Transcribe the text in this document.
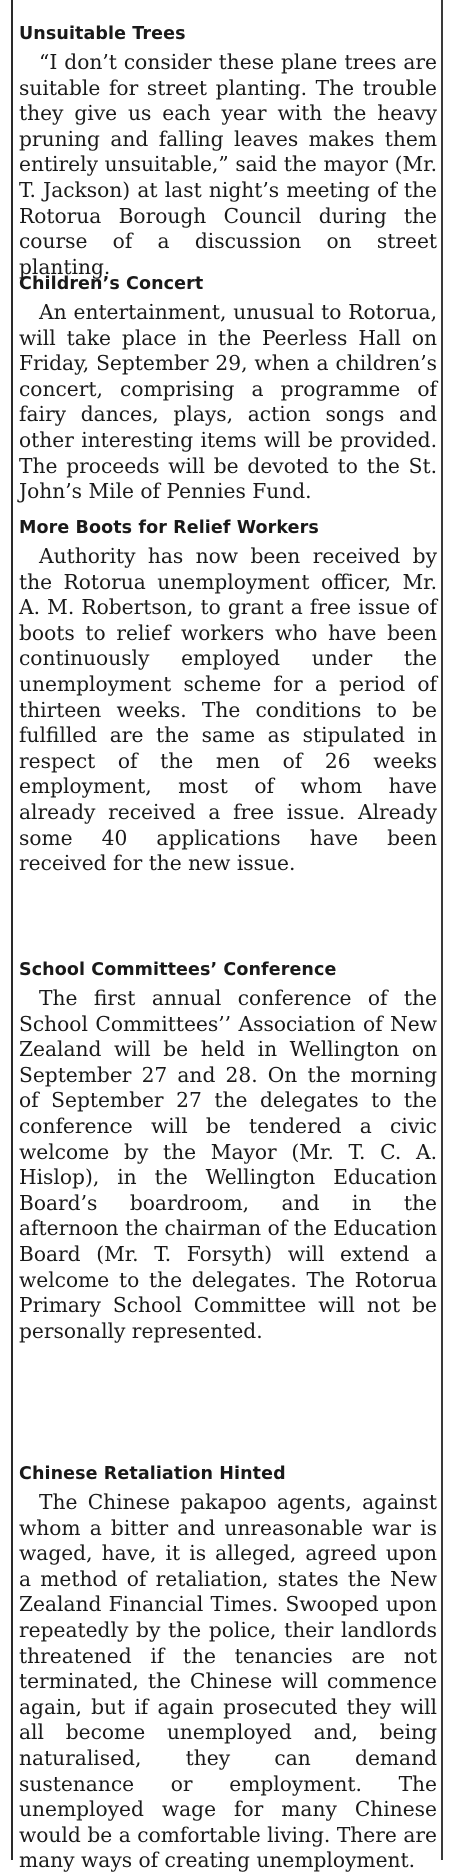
Unsuitable Trees
“I don’t consider these plane trees are suitable for street planting. The trouble they give us each year with the heavy pruning and falling leaves makes them entirely unsuitable,” said the mayor (Mr. T. Jackson) at last night’s meeting of the Rotorua Borough Council during the course of a discussion on street planting.
Children’s Concert
An entertainment, unusual to Rotorua, will take place in the Peerless Hall on Friday, September 29, when a children’s concert, comprising a programme of fairy dances, plays, action songs and other interesting items will be provided. The proceeds will be devoted to the St. John’s Mile of Pennies Fund.
More Boots for Relief Workers
Authority has now been received by the Rotorua unemployment officer, Mr. A. M. Robertson, to grant a free issue of boots to relief workers who have been continuously employed under the unemployment scheme for a period of thirteen weeks. The conditions to be fulfilled are the same as stipulated in respect of the men of 26 weeks employment, most of whom have already received a free issue. Already some 40 applications have been received for the new issue.
School Committees’ Conference
The first annual conference of the School Committees’’ Association of New Zealand will be held in Wellington on September 27 and 28. On the morning of September 27 the delegates to the conference will be tendered a civic welcome by the Mayor (Mr. T. C. A. Hislop), in the Wellington Education Board’s boardroom, and in the afternoon the chairman of the Education Board (Mr. T. Forsyth) will extend a welcome to the delegates. The Rotorua Primary School Committee will not be personally represented.
Chinese Retaliation Hinted
The Chinese pakapoo agents, against whom a bitter and unreasonable war is waged, have, it is alleged, agreed upon a method of retaliation, states the New Zealand Financial Times. Swooped upon repeatedly by the police, their landlords threatened if the tenancies are not terminated, the Chinese will commence again, but if again prosecuted they will all become unemployed and, being naturalised, they can demand sustenance or employment. The unemployed wage for many Chinese would be a comfortable living. There are many ways of creating unemployment.
